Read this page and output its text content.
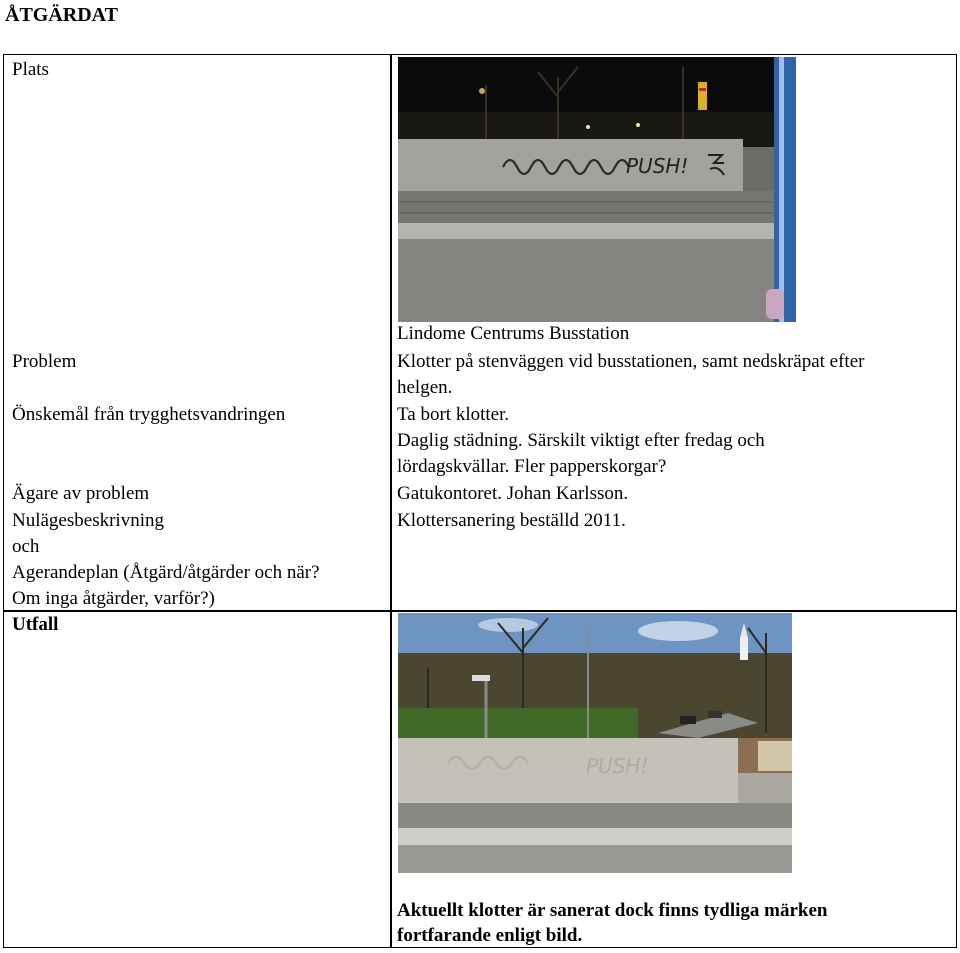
ÅTGÄRDAT
Plats
Problem
Önskemål från trygghetsvandringen
Ägare av problem
Nulägesbeskrivning
och
Agerandeplan (Åtgärd/åtgärder och när?
Om inga åtgärder, varför?)
Utfall
PUSH!
Lindome Centrums Busstation
Klotter på stenväggen vid busstationen, samt nedskräpat efter
helgen.
Ta bort klotter.
Daglig städning. Särskilt viktigt efter fredag och
lördagskvällar. Fler papperskorgar?
Gatukontoret. Johan Karlsson.
Klottersanering beställd 2011.
PUSH!
Aktuellt klotter är sanerat dock finns tydliga märken
fortfarande enligt bild.
